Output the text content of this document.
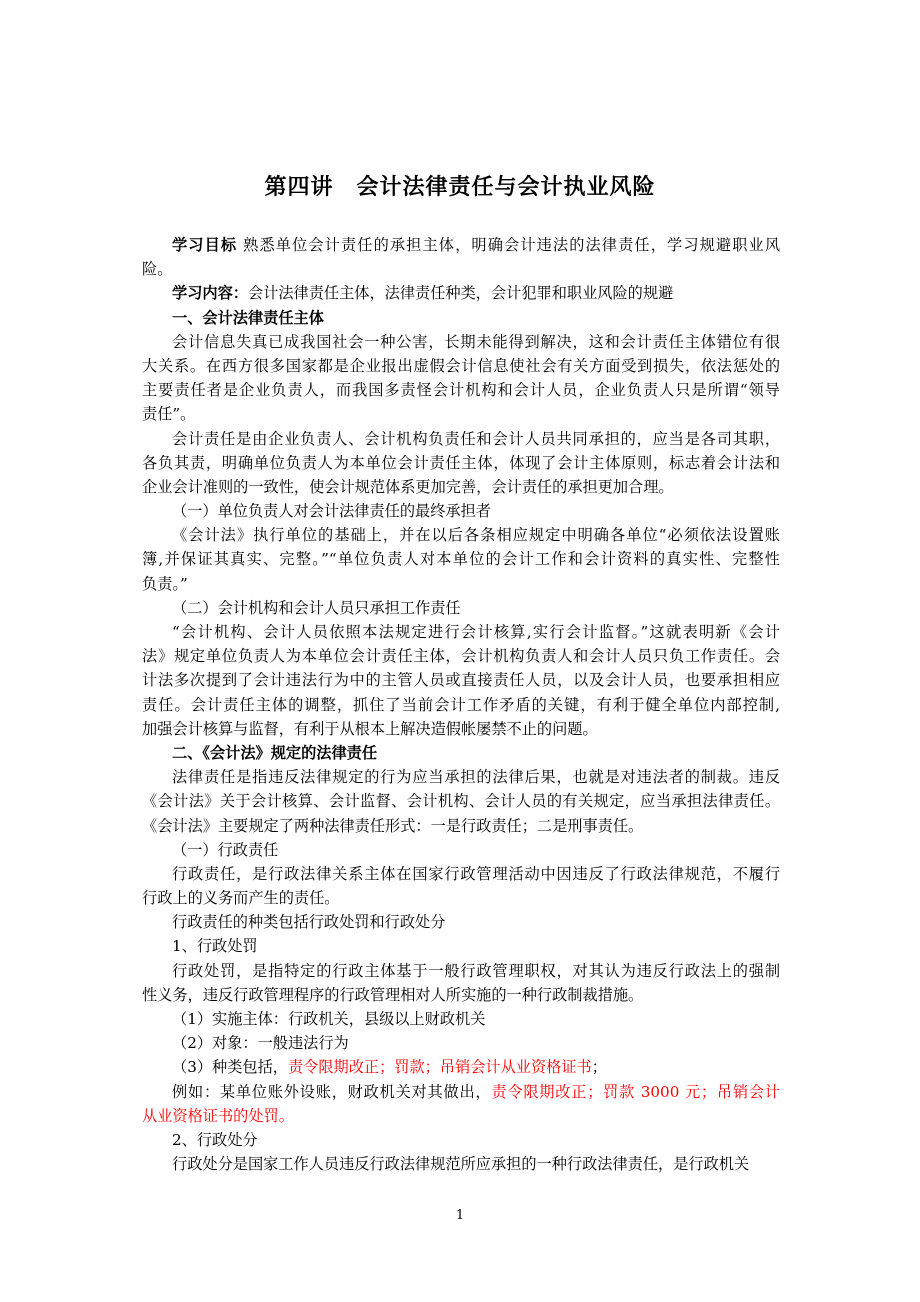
第四讲　会计法律责任与会计执业风险
学习目标 熟悉单位会计责任的承担主体，明确会计违法的法律责任，学习规避职业风
险。
学习内容：会计法律责任主体，法律责任种类，会计犯罪和职业风险的规避
一、会计法律责任主体
会计信息失真已成我国社会一种公害，长期未能得到解决，这和会计责任主体错位有很
大关系。在西方很多国家都是企业报出虚假会计信息使社会有关方面受到损失，依法惩处的
主要责任者是企业负责人，而我国多责怪会计机构和会计人员，企业负责人只是所谓“领导
责任”。
会计责任是由企业负责人、会计机构负责任和会计人员共同承担的，应当是各司其职，
各负其责，明确单位负责人为本单位会计责任主体，体现了会计主体原则，标志着会计法和
企业会计准则的一致性，使会计规范体系更加完善，会计责任的承担更加合理。
（一）单位负责人对会计法律责任的最终承担者
《会计法》执行单位的基础上，并在以后各条相应规定中明确各单位“必须依法设置账
簿,并保证其真实、完整。”“单位负责人对本单位的会计工作和会计资料的真实性、完整性
负责。”
（二）会计机构和会计人员只承担工作责任
“会计机构、会计人员依照本法规定进行会计核算,实行会计监督。”这就表明新《会计
法》规定单位负责人为本单位会计责任主体，会计机构负责人和会计人员只负工作责任。会
计法多次提到了会计违法行为中的主管人员或直接责任人员，以及会计人员，也要承担相应
责任。会计责任主体的调整，抓住了当前会计工作矛盾的关键，有利于健全单位内部控制,
加强会计核算与监督，有利于从根本上解决造假帐屡禁不止的问题。
二、《会计法》规定的法律责任
法律责任是指违反法律规定的行为应当承担的法律后果，也就是对违法者的制裁。违反
《会计法》关于会计核算、会计监督、会计机构、会计人员的有关规定，应当承担法律责任。
《会计法》主要规定了两种法律责任形式：一是行政责任；二是刑事责任。
（一）行政责任
行政责任，是行政法律关系主体在国家行政管理活动中因违反了行政法律规范，不履行
行政上的义务而产生的责任。
行政责任的种类包括行政处罚和行政处分
1、行政处罚
行政处罚，是指特定的行政主体基于一般行政管理职权，对其认为违反行政法上的强制
性义务，违反行政管理程序的行政管理相对人所实施的一种行政制裁措施。
（1）实施主体：行政机关，县级以上财政机关
（2）对象：一般违法行为
（3）种类包括，责令限期改正；罚款；吊销会计从业资格证书；
例如：某单位账外设账，财政机关对其做出，责令限期改正；罚款 3000 元；吊销会计
从业资格证书的处罚。
2、行政处分
行政处分是国家工作人员违反行政法律规范所应承担的一种行政法律责任，是行政机关
1
